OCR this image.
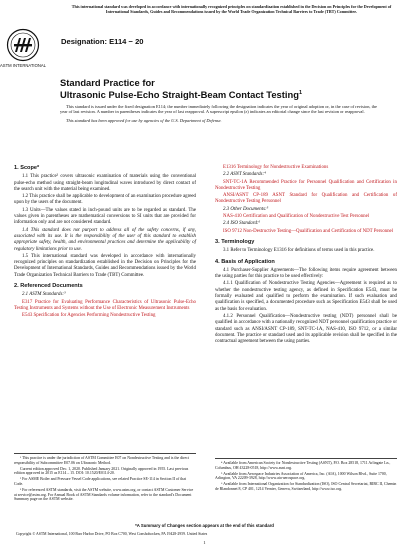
This international standard was developed in accordance with internationally recognized principles on standardization established in the Decision on Principles for the Development of International Standards, Guides and Recommendations issued by the World Trade Organization Technical Barriers to Trade (TBT) Committee.
ASTM INTERNATIONAL
Designation: E114 − 20
Standard Practice for
Ultrasonic Pulse-Echo Straight-Beam Contact Testing$^1$

This standard is issued under the fixed designation E114; the number immediately following the designation indicates the year of original adoption or, in the case of revision, the year of last revision. A number in parentheses indicates the year of last reapproval. A superscript epsilon (ε) indicates an editorial change since the last revision or reapproval.

This standard has been approved for use by agencies of the U.S. Department of Defense.

1. Scope*

1.1 This practice² covers ultrasonic examination of materials using the conventional pulse-echo method using straight-beam longitudinal waves introduced by direct contact of the search unit with the material being examined.

1.2 This practice shall be applicable to development of an examination procedure agreed upon by the users of the document.

1.3 Units—The values stated in inch-pound units are to be regarded as standard. The values given in parentheses are mathematical conversions to SI units that are provided for information only and are not considered standard.

1.4 This standard does not purport to address all of the safety concerns, if any, associated with its use. It is the responsibility of the user of this standard to establish appropriate safety, health, and environmental practices and determine the applicability of regulatory limitations prior to use.

1.5 This international standard was developed in accordance with internationally recognized principles on standardization established in the Decision on Principles for the Development of International Standards, Guides and Recommendations issued by the World Trade Organization Technical Barriers to Trade (TBT) Committee.

2. Referenced Documents

2.1 ASTM Standards:³

E317 Practice for Evaluating Performance Characteristics of Ultrasonic Pulse-Echo Testing Instruments and Systems without the Use of Electronic Measurement Instruments

E543 Specification for Agencies Performing Nondestructive Testing

¹ This practice is under the jurisdiction of ASTM Committee E07 on Nondestructive Testing and is the direct responsibility of Subcommittee E07.06 on Ultrasonic Method.

Current edition approved Dec. 1, 2020. Published January 2021. Originally approved in 1955. Last previous edition approved in 2015 as E114 – 15. DOI: 10.1520/E0114-20.

² For ASME Boiler and Pressure Vessel Code applications, see related Practice SE-114 in Section II of that Code.

³ For referenced ASTM standards, visit the ASTM website, www.astm.org, or contact ASTM Customer Service at service@astm.org. For Annual Book of ASTM Standards volume information, refer to the standard's Document Summary page on the ASTM website.

E1316 Terminology for Nondestructive Examinations

2.2 ASNT Standards:⁴

SNT-TC-1A Recommended Practice for Personnel Qualification and Certification in Nondestructive Testing

ANSI/ASNT CP-189 ASNT Standard for Qualification and Certification of Nondestructive Testing Personnel

2.3 Other Documents:⁵

NAS-410 Certification and Qualification of Nondestructive Test Personnel

2.4 ISO Standard:⁶

ISO 9712 Non-Destructive Testing—Qualification and Certification of NDT Personnel

3. Terminology

3.1 Refer to Terminology E1316 for definitions of terms used in this practice.

4. Basis of Application

4.1 Purchaser-Supplier Agreements—The following items require agreement between the using parties for this practice to be used effectively:

4.1.1 Qualification of Nondestructive Testing Agencies—Agreement is required as to whether the nondestructive testing agency, as defined in Specification E543, must be formally evaluated and qualified to perform the examination. If such evaluation and qualification is specified, a documented procedure such as Specification E543 shall be used as the basis for evaluation.

4.1.2 Personnel Qualification—Nondestructive testing (NDT) personnel shall be qualified in accordance with a nationally recognized NDT personnel qualification practice or standard such as ANSI/ASNT CP-189, SNT-TC-1A, NAS-410, ISO 9712, or a similar document. The practice or standard used and its applicable revision shall be specified in the contractual agreement between the using parties.

⁴ Available from American Society for Nondestructive Testing (ASNT), P.O. Box 28518, 1711 Arlingate Ln., Columbus, OH 43228-0518, http://www.asnt.org.

⁵ Available from Aerospace Industries Association of America, Inc. (AIA), 1000 Wilson Blvd., Suite 1700, Arlington, VA 22209-3928, http://www.aia-aerospace.org.

⁶ Available from International Organization for Standardization (ISO), ISO Central Secretariat, BIBC II, Chemin de Blandonnet 8, CP 401, 1214 Vernier, Geneva, Switzerland, http://www.iso.org.

*A Summary of Changes section appears at the end of this standard
Copyright © ASTM International, 100 Barr Harbor Drive, PO Box C700, West Conshohocken, PA 19428-2959. United States
1
